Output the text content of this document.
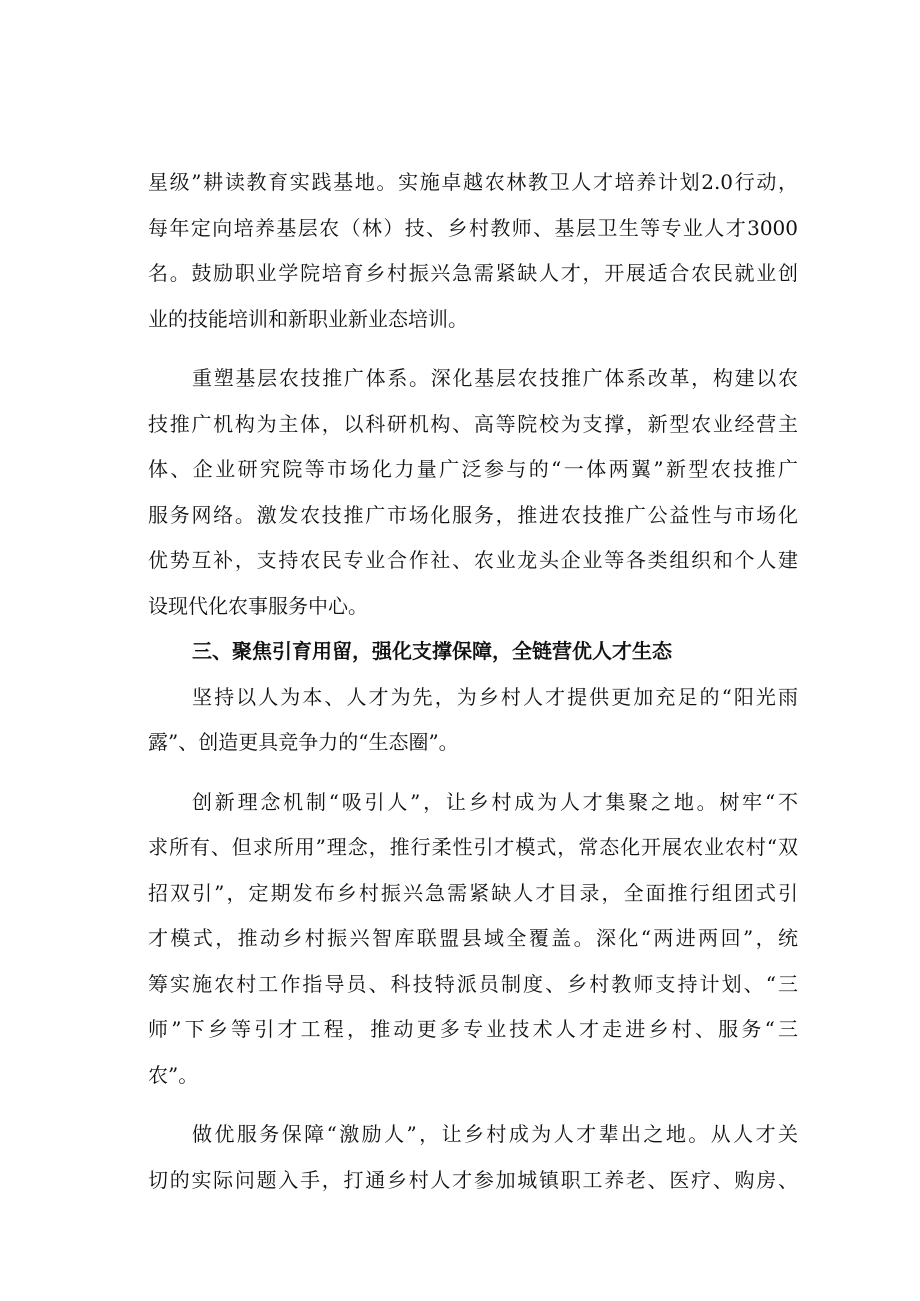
星级”耕读教育实践基地。实施卓越农林教卫人才培养计划2.0行动，
每年定向培养基层农（林）技、乡村教师、基层卫生等专业人才3000
名。鼓励职业学院培育乡村振兴急需紧缺人才，开展适合农民就业创
业的技能培训和新职业新业态培训。
重塑基层农技推广体系。深化基层农技推广体系改革，构建以农
技推广机构为主体，以科研机构、高等院校为支撑，新型农业经营主
体、企业研究院等市场化力量广泛参与的“一体两翼”新型农技推广
服务网络。激发农技推广市场化服务，推进农技推广公益性与市场化
优势互补，支持农民专业合作社、农业龙头企业等各类组织和个人建
设现代化农事服务中心。
三、聚焦引育用留，强化支撑保障，全链营优人才生态
坚持以人为本、人才为先，为乡村人才提供更加充足的“阳光雨
露”、创造更具竞争力的“生态圈”。
创新理念机制“吸引人”，让乡村成为人才集聚之地。树牢“不
求所有、但求所用”理念，推行柔性引才模式，常态化开展农业农村“双
招双引”，定期发布乡村振兴急需紧缺人才目录，全面推行组团式引
才模式，推动乡村振兴智库联盟县域全覆盖。深化“两进两回”，统
筹实施农村工作指导员、科技特派员制度、乡村教师支持计划、“三
师”下乡等引才工程，推动更多专业技术人才走进乡村、服务“三
农”。
做优服务保障“激励人”，让乡村成为人才辈出之地。从人才关
切的实际问题入手，打通乡村人才参加城镇职工养老、医疗、购房、
